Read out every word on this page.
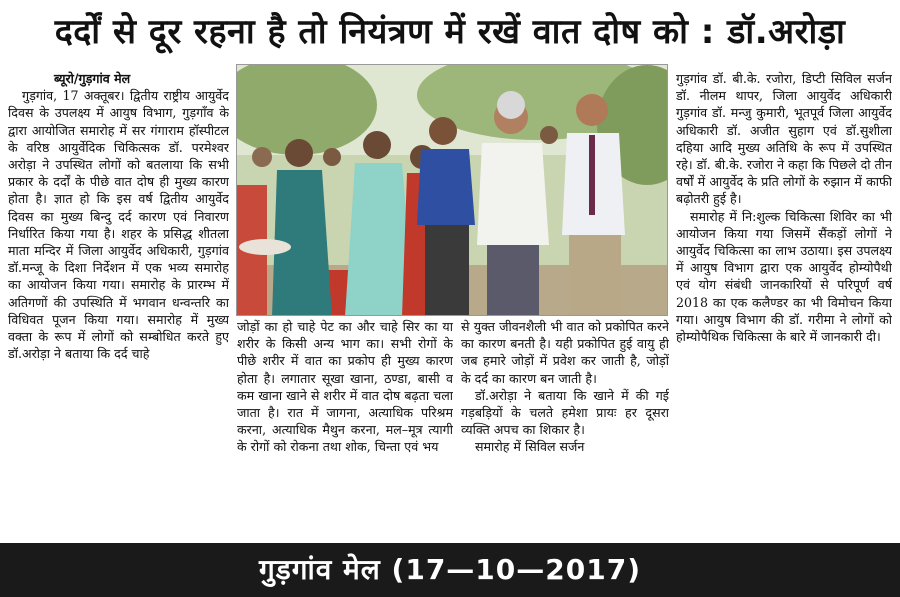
दर्दों से दूर रहना है तो नियंत्रण में रखें वात दोष को : डॉ.अरोड़ा

ब्यूरो/गुड़गांव मेल

गुड़गांव, 17 अक्तूबर। द्वितीय राष्ट्रीय आयुर्वेद दिवस के उपलक्ष्य में आयुष विभाग, गुड़गाँव के द्वारा आयोजित समारोह में सर गंगाराम हॉस्पीटल के वरिष्ठ आयुर्वेदिक चिकित्सक डॉ. परमेश्वर अरोड़ा ने उपस्थित लोगों को बतलाया कि सभी प्रकार के दर्दों के पीछे वात दोष ही मुख्य कारण होता है। ज्ञात हो कि इस वर्ष द्वितीय आयुर्वेद दिवस का मुख्य बिन्दु दर्द कारण एवं निवारण निर्धारित किया गया है। शहर के प्रसिद्ध शीतला माता मन्दिर में जिला आयुर्वेद अधिकारी, गुड़गांव डॉ.मन्जू के दिशा निर्देशन में एक भव्य समारोह का आयोजन किया गया। समारोह के प्रारम्भ में अतिगणों की उपस्थिति में भगवान धन्वन्तरि का विधिवत पूजन किया गया। समारोह में मुख्य वक्ता के रूप में लोगों को सम्बोधित करते हुए डॉ.अरोड़ा ने बताया कि दर्द चाहे

जोड़ों का हो चाहे पेट का और चाहे सिर का या शरीर के किसी अन्य भाग का। सभी रोगों के पीछे शरीर में वात का प्रकोप ही मुख्य कारण होता है। लगातार सूखा खाना, ठण्डा, बासी व कम खाना खाने से शरीर में वात दोष बढ़ता चला जाता है। रात में जागना, अत्याधिक परिश्रम करना, अत्याधिक मैथुन करना, मल–मूत्र त्यागी के रोगों को रोकना तथा शोक, चिन्ता एवं भय

से युक्त जीवनशैली भी वात को प्रकोपित करने का कारण बनती है। यही प्रकोपित हुई वायु ही जब हमारे जोड़ों में प्रवेश कर जाती है, जोड़ों के दर्द का कारण बन जाती है।

डॉ.अरोड़ा ने बताया कि खाने में की गई गड़बड़ियों के चलते हमेशा प्रायः हर दूसरा व्यक्ति अपच का शिकार है।

समारोह में सिविल सर्जन

गुड़गांव डॉ. बी.के. रजोरा, डिप्टी सिविल सर्जन डॉ. नीलम थापर, जिला आयुर्वेद अधिकारी गुड़गांव डॉ. मन्जु कुमारी, भूतपूर्व जिला आयुर्वेद अधिकारी डॉ. अजीत सुहाग एवं डॉ.सुशीला दहिया आदि मुख्य अतिथि के रूप में उपस्थित रहे। डॉ. बी.के. रजोरा ने कहा कि पिछले दो तीन वर्षों में आयुर्वेद के प्रति लोगों के रुझान में काफी बढ़ोतरी हुई है।

समारोह में नि:शुल्क चिकित्सा शिविर का भी आयोजन किया गया जिसमें सैंकड़ों लोगों ने आयुर्वेद चिकित्सा का लाभ उठाया। इस उपलक्ष्य में आयुष विभाग द्वारा एक आयुर्वेद होम्योपैथी एवं योग संबंधी जानकारियों से परिपूर्ण वर्ष 2018 का एक कलैण्डर का भी विमोचन किया गया। आयुष विभाग की डॉ. गरीमा ने लोगों को होम्योपैथिक चिकित्सा के बारे में जानकारी दी।

गुड़गांव मेल (17—10—2017)
